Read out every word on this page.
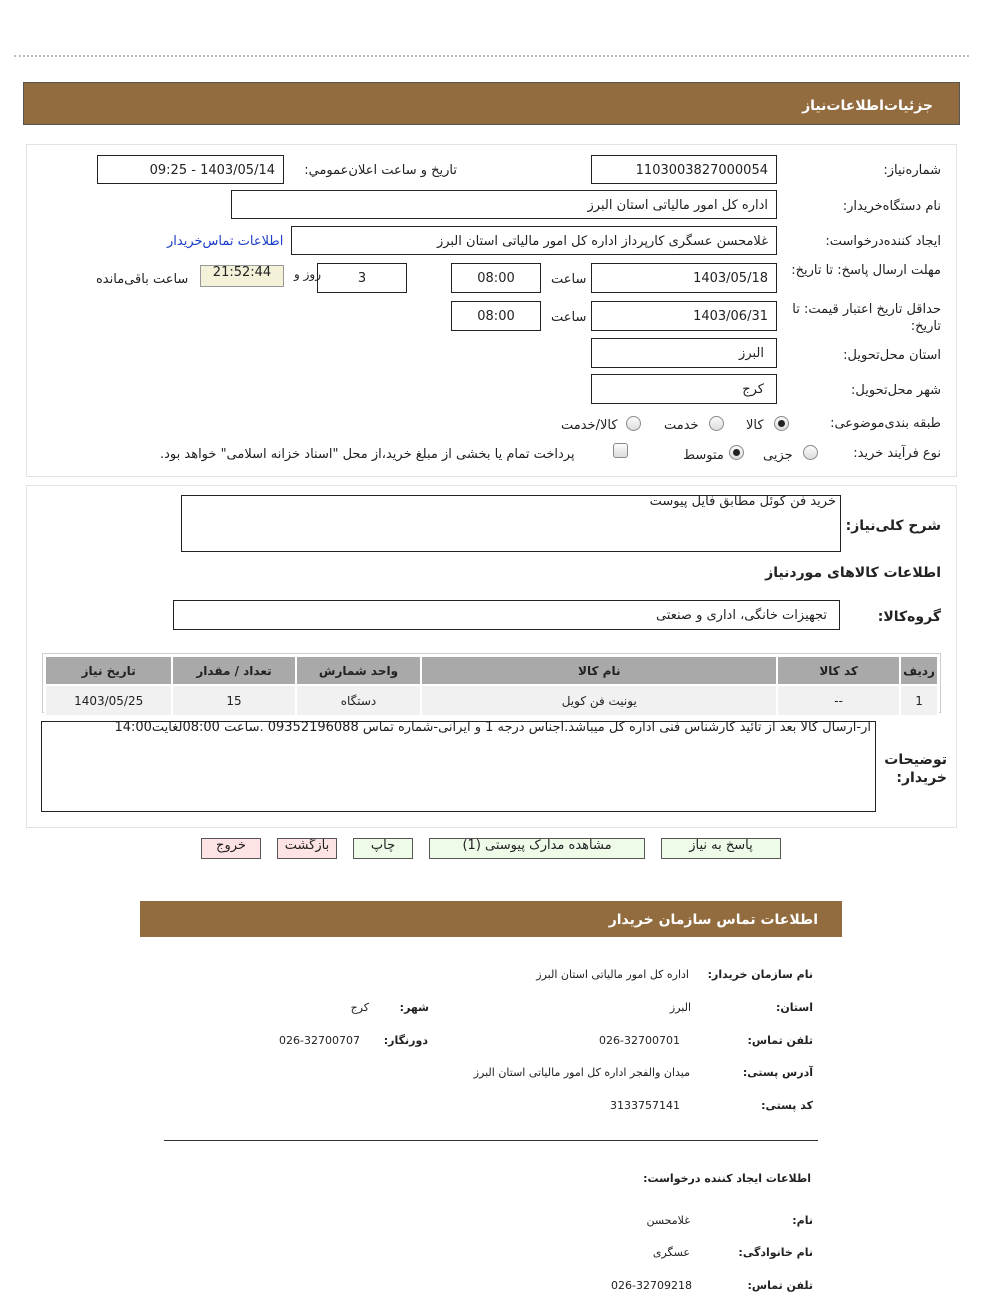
جزئیات‌اطلاعات‌نیاز
شماره‌نیاز:
1103003827000054
تاريخ و ساعت اعلان‌عمومي:
1403/05/14 - 09:25
نام دستگاه‌خریدار:
اداره کل امور مالیاتی استان البرز
ایجاد کننده‌درخواست:
غلامحسن عسگری کارپرداز اداره کل امور مالیاتی استان البرز
اطلاعات تماس‌خریدار
مهلت ارسال پاسخ: تا تاریخ:
1403/05/18
ساعت
08:00
3
روز و
21:52:44
ساعت باقی‌مانده
حداقل تاریخ اعتبار قیمت: تا تاریخ:
1403/06/31
ساعت
08:00
استان محل‌تحویل:
البرز
شهر محل‌تحویل:
کرج
طبقه بندی‌موضوعی:
کالا
خدمت
کالا/خدمت
نوع فرآیند خرید:
جزیی
متوسط
پرداخت تمام یا بخشی از مبلغ خرید،از محل "اسناد خزانه اسلامی" خواهد بود.
شرح کلی‌نیاز:
خرید فن کوئل مطابق فایل پیوست
اطلاعات کالاهای مورد‌نیاز
گروه‌کالا:
تجهیزات خانگی، اداری و صنعتی
ردیف	کد کالا	نام کالا	واحد شمارش	تعداد / مقدار	تاریخ نیاز
1	--	یونیت فن کویل	دستگاه	15	1403/05/25
توضیحات خریدار:
ار-ارسال کالا بعد از تائید کارشناس فنی اداره کل میباشد.اجناس درجه 1 و ایرانی-شماره تماس 09352196088 .ساعت 08:00لغایت14:00
پاسخ به نیاز
مشاهده مدارک پیوستی (1)
چاپ
بازگشت
خروج
اطلاعات تماس سازمان خریدار
نام سازمان خریدار:
اداره کل امور مالیاتی استان البرز
استان:
البرز
شهر:
کرج
تلفن تماس:
026-32700701
دورنگار:
026-32700707
آدرس پستی:
میدان والفجر اداره کل امور مالیاتی استان البرز
کد پستی:
3133757141
اطلاعات ایجاد کننده درخواست:
نام:
غلامحسن
نام خانوادگی:
عسگری
تلفن تماس:
026-32709218
